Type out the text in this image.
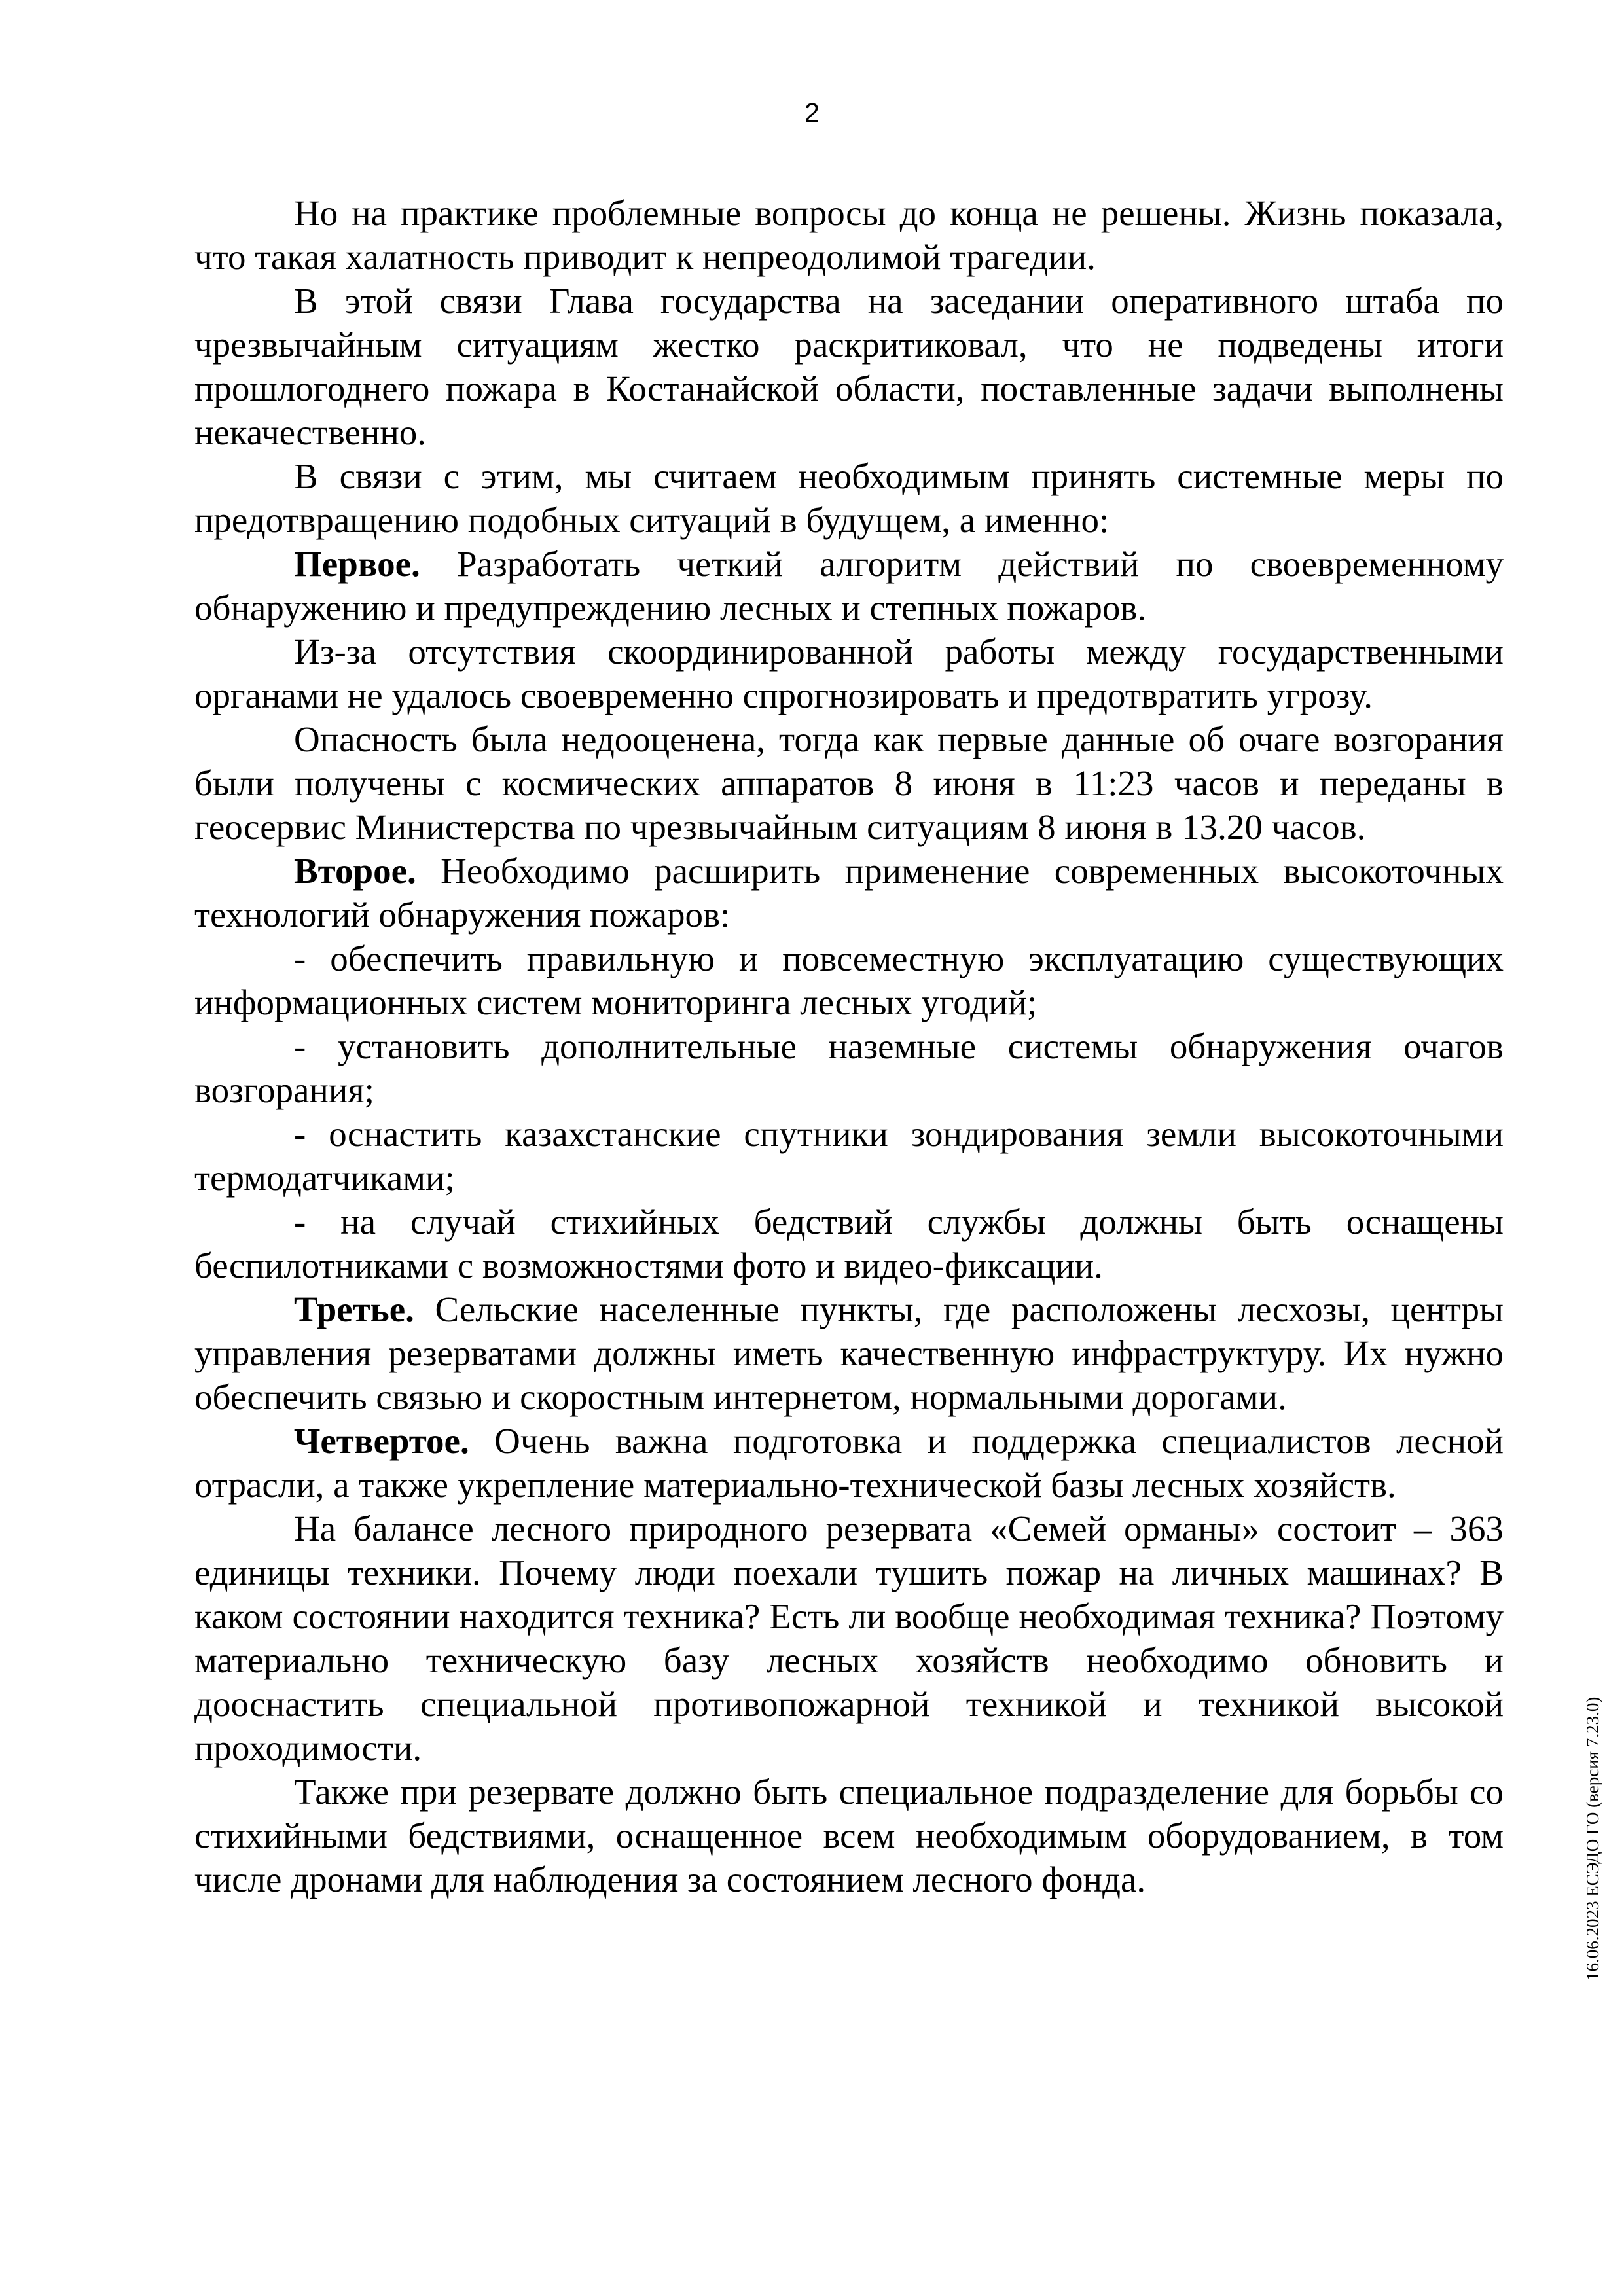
2

Но на практике проблемные вопросы до конца не решены. Жизнь показала, что такая халатность приводит к непреодолимой трагедии.

В этой связи Глава государства на заседании оперативного штаба по чрезвычайным ситуациям жестко раскритиковал, что не подведены итоги прошлогоднего пожара в Костанайской области, поставленные задачи выполнены некачественно.

В связи с этим, мы считаем необходимым принять системные меры по предотвращению подобных ситуаций в будущем, а именно:

Первое. Разработать четкий алгоритм действий по своевременному обнаружению и предупреждению лесных и степных пожаров.

Из-за отсутствия скоординированной работы между государственными органами не удалось своевременно спрогнозировать и предотвратить угрозу.

Опасность была недооценена, тогда как первые данные об очаге возгорания были получены с космических аппаратов 8 июня в 11:23 часов и переданы в геосервис Министерства по чрезвычайным ситуациям 8 июня в 13.20 часов.

Второе. Необходимо расширить применение современных высокоточных технологий обнаружения пожаров:

- обеспечить правильную и повсеместную эксплуатацию существующих информационных систем мониторинга лесных угодий;

- установить дополнительные наземные системы обнаружения очагов возгорания;

- оснастить казахстанские спутники зондирования земли высокоточными термодатчиками;

- на случай стихийных бедствий службы должны быть оснащены беспилотниками с возможностями фото и видео-фиксации.

Третье. Сельские населенные пункты, где расположены лесхозы, центры управления резерватами должны иметь качественную инфраструктуру. Их нужно обеспечить связью и скоростным интернетом, нормальными дорогами.

Четвертое. Очень важна подготовка и поддержка специалистов лесной отрасли, а также укрепление материально-технической базы лесных хозяйств.

На балансе лесного природного резервата «Семей орманы» состоит – 363 единицы техники. Почему люди поехали тушить пожар на личных машинах? В каком состоянии находится техника? Есть ли вообще необходимая техника? Поэтому материально техническую базу лесных хозяйств необходимо обновить и дооснастить специальной противопожарной техникой и техникой высокой проходимости.

Также при резервате должно быть специальное подразделение для борьбы со стихийными бедствиями, оснащенное всем необходимым оборудованием, в том числе дронами для наблюдения за состоянием лесного фонда.	16.06.2023 ЕСЭДО ГО (версия 7.23.0)
